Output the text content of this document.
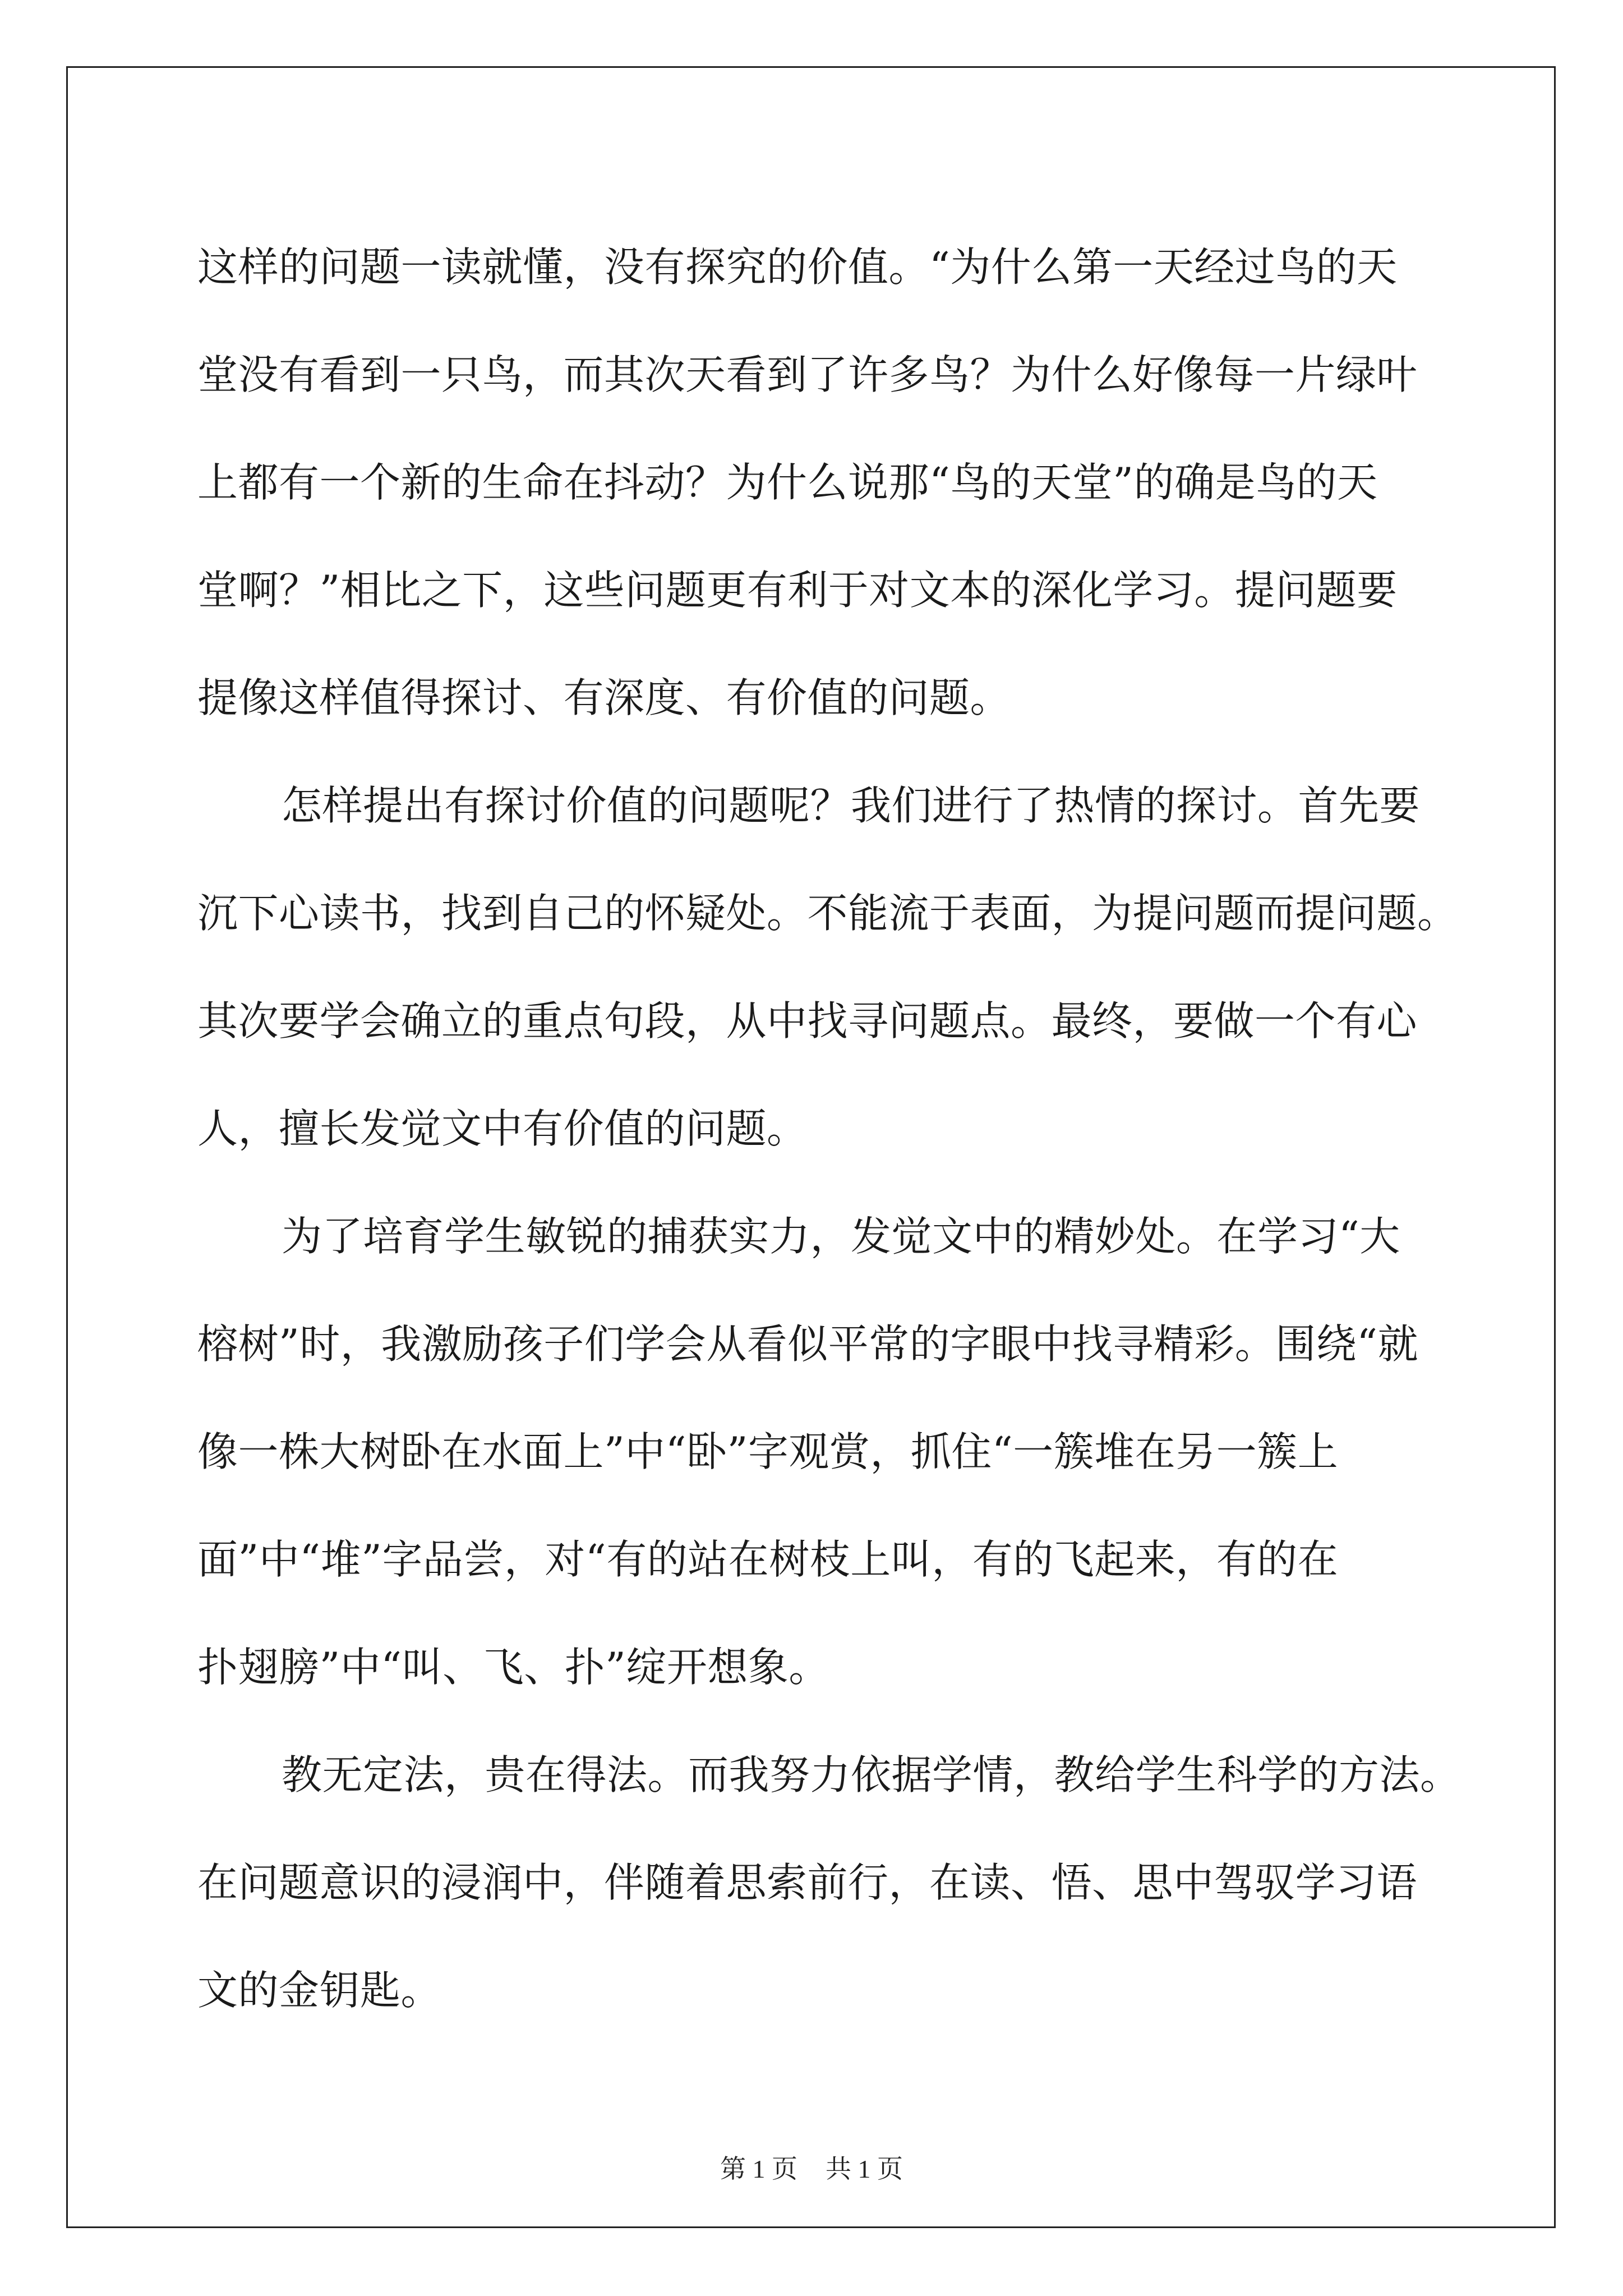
这样的问题一读就懂，没有探究的价值。“为什么第一天经过鸟的天
堂没有看到一只鸟，而其次天看到了许多鸟？为什么好像每一片绿叶
上都有一个新的生命在抖动？为什么说那“鸟的天堂”的确是鸟的天
堂啊？”相比之下，这些问题更有利于对文本的深化学习。提问题要
提像这样值得探讨、有深度、有价值的问题。
怎样提出有探讨价值的问题呢？我们进行了热情的探讨。首先要
沉下心读书，找到自己的怀疑处。不能流于表面，为提问题而提问题。
其次要学会确立的重点句段，从中找寻问题点。最终，要做一个有心
人，擅长发觉文中有价值的问题。
为了培育学生敏锐的捕获实力，发觉文中的精妙处。在学习“大
榕树”时，我激励孩子们学会从看似平常的字眼中找寻精彩。围绕“就
像一株大树卧在水面上”中“卧”字观赏，抓住“一簇堆在另一簇上
面”中“堆”字品尝，对“有的站在树枝上叫，有的飞起来，有的在
扑翅膀”中“叫、飞、扑”绽开想象。
教无定法，贵在得法。而我努力依据学情，教给学生科学的方法。
在问题意识的浸润中，伴随着思索前行，在读、悟、思中驾驭学习语
文的金钥匙。
第 1 页 共 1 页
